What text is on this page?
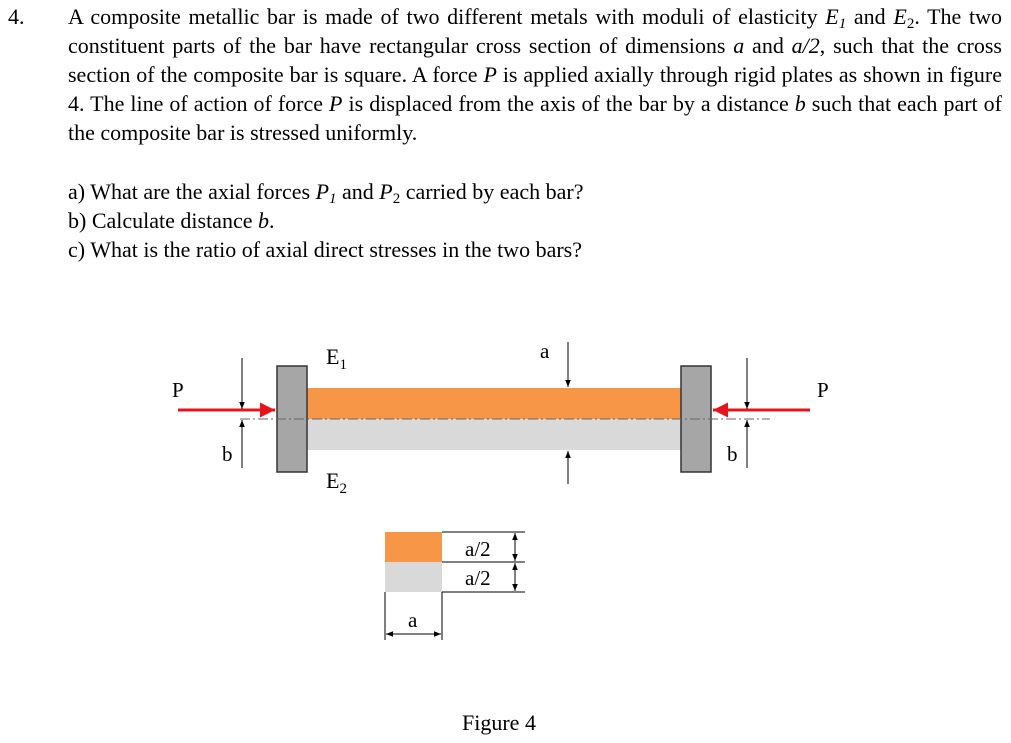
4. A composite metallic bar is made of two different metals with moduli of elasticity $E_1$ and $E_2$. The two constituent parts of the bar have rectangular cross section of dimensions a and a/2, such that the cross section of the composite bar is square. A force P is applied axially through rigid plates as shown in figure 4. The line of action of force P is displaced from the axis of the bar by a distance b such that each part of the composite bar is stressed uniformly.

a) What are the axial forces $P_1$ and $P_2$ carried by each bar?
b) Calculate distance b.
c) What is the ratio of axial direct stresses in the two bars?
P	P
b	b
$E_1$
$E_2$
a
a/2
a/2
a
Figure 4
